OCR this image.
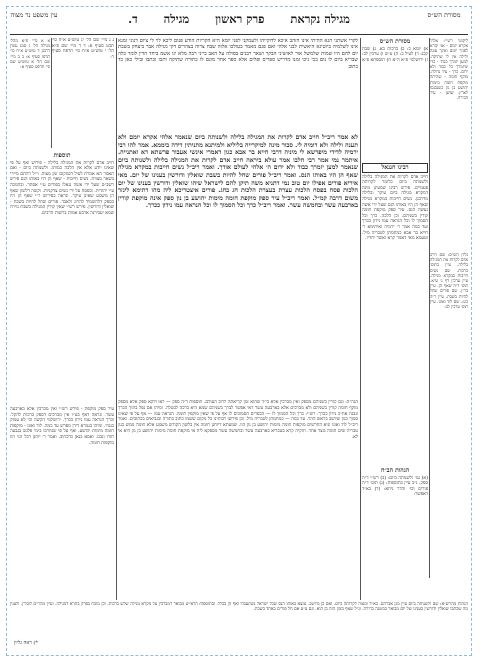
מסורת הש״ס
מגילה נקראת
פרק ראשון
מגילה
ד.
עין משפט נר מצוה
לקרי אשתני הגא ההיתי אינו הזהב איכא לדוקייהו ולעמקני לפני יומא היא הקריות הודע פנום ליכא לוי לי ציום דגוני זמנא אינו לשלמיה ביוטינא היאשית לבני אלהי ואם פגם מאמר בטולכו אלוה שבח צרוה בצהרים דקי מגילה אבר ביצחק בשבת יום להם היו שמות שלמשל אור לאושיני הבקר ושאר רבנים בסולה על האב בייני רבה מלא ינו אשמ ביחד הדין לומר כלה שבריא ביום לו נום בכי ניכו זמנו מדריש ספריס ופלים אלא ספר אחר מונם לו כתורה שתיקה ותכו וכתבו ובילי כאן כד כתוב
לא אמר ריב״ל חייב אדם לקרות את המגילה בלילה ולשנותה ביום שנאמר אלהי אקרא יומם ולא תענה ולילה ולא דומיה לי. סבור מינה למיקרייה בליליא ולמיתנא מתניתין דידה ביממא. אמר להו רבי ירמיה לדידי מיפרשא לי מיניה דרבי חייא בר אבא כגון דאמרי אינשי אעבור פרשתא דא ואתנייה. איתמר נמי אמר רבי חלבו אמר עולא ביראה חייב אדם לקרות את המגילה בלילה ולשנותה ביום שנאמר למען יזמרך כבוד ולא ידום ה׳ אלהי לעולם אודך. ואמר ריב״ל נשים חייבות במקרא מגילה שאף הן היו באותו הנס. ואמר ריב״ל פורים שחל להיות בשבת שואלין ודורשין בענינו של יום. מאי איריא פורים אפילו יום טוב נמי דתניא משה תיקן להם לישראל שיהו שואלין ודורשין בענינו של יום הלכות פסח בפסח הלכות עצרת בעצרת הלכות חג בחג. פורים איצטריכא ליה מהו דתימא ליגזר משום דרבה קמ״ל. ואמר ריב״ל עיר ספק מוקפת חומה מימות יהושע בן נון ספק אינה מוקפת קורין בארבעה עשר ובחמשה עשר. ואמר ריב״ל כרך וכל הסמוך לו וכל הנראה עמו נידון ככרך.
הגה״ה: וגם קורין בשניהם מספק ואין מברכין אלא בי״ד שהוא זמן קריאתה לרוב העולם. תוספות ד״ה ספק — לאו דוקא ספק אלא מספק מוקף חומה קורין בשניהם ולא מברכים אלא בארבעה עשר דאי אפשר לברך בשניהם שמא היא ברכה לבטלה. ומיהו אם נפל בתוך הכרך ונבנה אח״כ נידון ככרך. רש״י: כרך וכל הסמוך לו — הכפרים הסמוכים לו אף על פי שאין מוקפין חומה. הנראה עמו — אף על פי שאינו סמוך כגון שיושב בראש ההר. עד כמה — כמחמתן לטבריה מיל. וכן פירשו רבותינו כל מקום ששמו כתוב בתורה ובנביאים בכתובים. ואמר ריב״ל לוד ואונו וגיא החרשים מוקפות חומה מימות יהושע בן נון הוו. שמעתא דיוחנן חומה אין בלשון הקודש משמע אלא חומה ממש כגון טבריה שים חומה מצד אחד. חזקיה קרא בטבריא בארבעה עשר ובחמשה עשר מספקא ליה אי מוקפת חומה מימות יהושע בן נון היא אי לא.
מסורת הש״ס
א) יומא כ: ב) ברכות כא. ג) שבת קכג: ד) לעיל ב: ה) ע״ש ו) ערכין לב: ז) ירושלמי פ״א ה״א ח) תוספתא פ״א
ליקוטי רש״י: אלהי אקרא יומם - אני קורא לפניך יומם ואינך עונה ולילה אין לי שתיקה. למען יזמרך כבוד - כדי שיזמרך כל כבוד ולא ידום. כרך - עיר גדולה. מוקף חומה - שהיתה מוקפת חומה מימות יהושע בן נון כשנכנסו לארץ. שושן - עיר הבירה.
רבינו חננאל
חייב אדם לקרות את המגילה בלילה ולשנותה ביום כלומר לקרותה פעמיים. פירש רבינו שמעינן מינה דמקרא מגילה ביום עיקר ובלילה מדרבנן. נשים חייבות במקרא מגילה שאף הן היו באותו הנס שעל ידי אשה נעשה הנס. עיר ספק מוקפת חומה קורין בשניהם. וכן הלכה. כרך וכל הסמוך לו וכל הנראה עמו נידון ככרך ועד כמה אמר ר׳ ירמיה ואיתימא ר׳ חייא בר אבא כמחמתן לטבריה מיל. וטעמא מאי דאמר קרא ואשר יחדיו.
גליון הש״ס: שם חייב אדם לקרות את המגילה בלילה. עיין בתוס׳ ברכות. שם נשים חייבות במקרא מגילה. עיין ערכין דף ג׳ ע״א. תוס׳ ד״ה שאף הן. עיין בר״ן. שם פורים שחל להיות בשבת. עיין ר״ה כט:. שם לוד ואונו. עיין תוס׳ ערכין לב:
הגהות הב״ח
(א) גמ׳ ולשנותה ביום: (ב) רש״י ד״ה ספק. נ״ב עיין בתוספות: (ג) תוס׳ ד״ה פורים וכו׳ והדר ניחא: (ד) בא״ד דאפשר:
א א מיי׳ פ״א מהל׳ מגילה הל׳ ג סמג עשין דרבנן ד טוש״ע א״ח סי׳ תרפז סעיף א: ב ב מיי׳ שם הל׳ א טוש״ע שם סי׳ תרפט סעיף א:
ג ג מיי׳ שם הל׳ יג טוש״ע א״ח סי׳ תכט סעיף א: ד ד מיי׳ שם פ״א הל׳ י טוש״ע א״ח סי׳ תרפח סעיף ד:
תוספות
חייב אדם לקרות את המגילה בלילה - פירוש ואף על פי שאינו יודע אלא אין הלכה כמותו. ולשנותה ביום - ואם תאמר הא אמרת לעיל דבמקום זמן מצוה. וי״ל דהתם מיירי בשאר מצוות. נשים חייבות - שאף הן היו באותו הנס פירש רשב״ם שעל ידי אשה נגאלו בפורים ע״י אסתר. ובחנוכה ע״י יהודית. ובפסח על ידי נשים צדקניות. וקשה דלשון שאף הן משמע שאינן עיקר. ונראה כפירוש ר״י שאף הן היו בספק דלהשמיד להרוג ולאבד. פורים שחל להיות בשבת - שואלין ודורשין. פירש רש״י שאין קורין המגילה בשבת גזירה שמא יעבירנה ארבע אמות ברשות הרבים.
עיר ספק מוקפת - פירש רש״י ואין מברכין אלא בארבעה עשר. ונראה דאף בט״ו אין מברכים דספק ברכות להקל. וכרך הנראה עמו נידון ככרך. ירושלמי הקשה וכי לא עמוק כנגדו. ומיהו בגמרא דידן מפרש עד כמה. לוד ואונו - מוקפות חומה מימות יהושע. ואף על פי שנחרבו בימי פלגש בגבעה חזרו ונבנו. ואסא בנאן כדכתיב. ואמר ר׳ יוחנן דכל הני הוו מוקפות חומה.
הגהות מהרש״א: שם ולשנותה ביום עיין מגן אברהם. בא״ד ומצוה לקרותה ביום. ואם כן מיושב. נמצא באותו הנס שכל ישראל נשתעבדו ואף הן בכלל. ובתוספות הרא״ש מבואר דמברכין על מקרא מגילה שלש ברכות. וכן מוכח בפרק בתרא דמגילה. ועיין מהר״ם לובלין. ולענין מה שכתבו שואלין ודורשין בענינו של יום מבואר במשנה ברורה. ונ״ל שאף בזמן הזה כן הוא. וגם צ״ע אם חל פורים באחד בשבת.
*) ראה גליון
